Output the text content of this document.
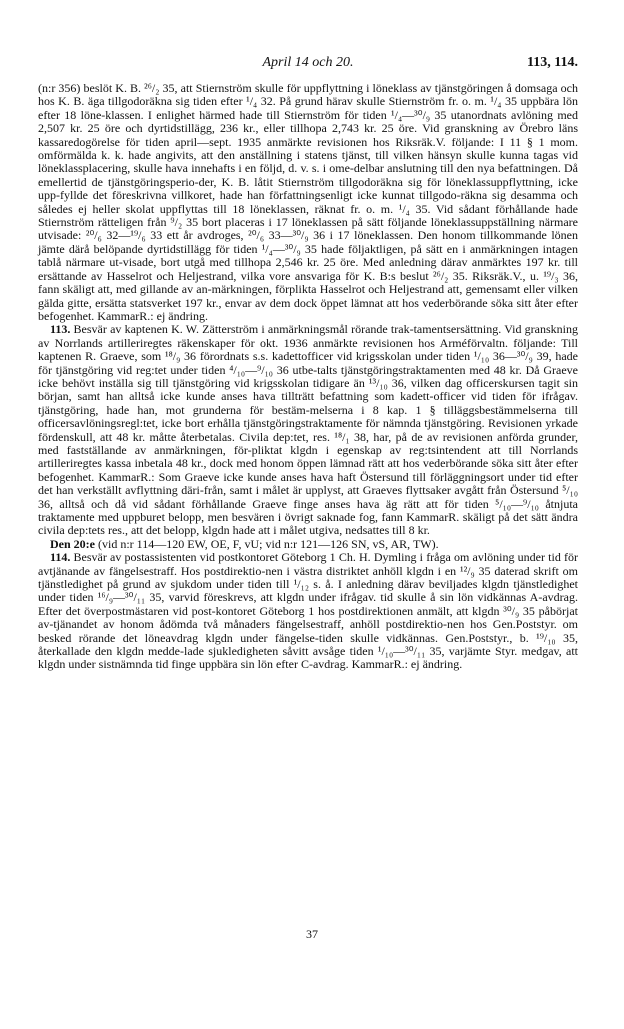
April 14 och 20.	113, 114.

(n:r 356) beslöt K. B. ²⁶/₂ 35, att Stiernström skulle för uppflyttning i löneklass av tjänstgöringen å domsaga och hos K. B. äga tillgodoräkna sig tiden efter ¹/₄ 32. På grund härav skulle Stiernström fr. o. m. ¹/₄ 35 uppbära lön efter 18 löne-klassen. I enlighet härmed hade till Stiernström för tiden ¹/₄—³⁰/₉ 35 utanordnats avlöning med 2,507 kr. 25 öre och dyrtidstillägg, 236 kr., eller tillhopa 2,743 kr. 25 öre. Vid granskning av Örebro läns kassaredogörelse för tiden april—sept. 1935 anmärkte revisionen hos Riksräk.V. följande: I 11 § 1 mom. omförmälda k. k. hade angivits, att den anställning i statens tjänst, till vilken hänsyn skulle kunna tagas vid löneklassplacering, skulle hava innehafts i en följd, d. v. s. i ome-delbar anslutning till den nya befattningen. Då emellertid de tjänstgöringsperio-der, K. B. låtit Stiernström tillgodoräkna sig för löneklassuppflyttning, icke upp-fyllde det föreskrivna villkoret, hade han författningsenligt icke kunnat tillgodo-räkna sig desamma och således ej heller skolat uppflyttas till 18 löneklassen, räknat fr. o. m. ¹/₄ 35. Vid sådant förhållande hade Stiernström rätteligen från ⁹/₂ 35 bort placeras i 17 löneklassen på sätt följande löneklassuppställning närmare utvisade: ²⁰/₆ 32—¹⁹/₆ 33 ett år avdroges, ²⁰/₆ 33—³⁰/₉ 36 i 17 löneklassen. Den honom tillkommande lönen jämte därå belöpande dyrtidstillägg för tiden ¹/₄—³⁰/₉ 35 hade följaktligen, på sätt en i anmärkningen intagen tablå närmare ut-visade, bort utgå med tillhopa 2,546 kr. 25 öre. Med anledning därav anmärktes 197 kr. till ersättande av Hasselrot och Heljestrand, vilka vore ansvariga för K. B:s beslut ²⁶/₂ 35. Riksräk.V., u. ¹⁹/₃ 36, fann skäligt att, med gillande av an-märkningen, förplikta Hasselrot och Heljestrand att, gemensamt eller vilken gälda gitte, ersätta statsverket 197 kr., envar av dem dock öppet lämnat att hos vederbörande söka sitt åter efter befogenhet. KammarR.: ej ändring.

113. Besvär av kaptenen K. W. Zätterström i anmärkningsmål rörande trak-tamentsersättning. Vid granskning av Norrlands artilleriregtes räkenskaper för okt. 1936 anmärkte revisionen hos Arméförvaltn. följande: Till kaptenen R. Graeve, som ¹⁸/₉ 36 förordnats s.s. kadettofficer vid krigsskolan under tiden ¹/₁₀ 36—³⁰/₉ 39, hade för tjänstgöring vid reg:tet under tiden ⁴/₁₀—⁹/₁₀ 36 utbe-talts tjänstgöringstraktamenten med 48 kr. Då Graeve icke behövt inställa sig till tjänstgöring vid krigsskolan tidigare än ¹³/₁₀ 36, vilken dag officerskursen tagit sin början, samt han alltså icke kunde anses hava tillträtt befattning som kadett-officer vid tiden för ifrågav. tjänstgöring, hade han, mot grunderna för bestäm-melserna i 8 kap. 1 § tilläggsbestämmelserna till officersavlöningsregl:tet, icke bort erhålla tjänstgöringstraktamente för nämnda tjänstgöring. Revisionen yrkade fördenskull, att 48 kr. måtte återbetalas. Civila dep:tet, res. ¹⁸/₁ 38, har, på de av revisionen anförda grunder, med fastställande av anmärkningen, för-pliktat klgdn i egenskap av reg:tsintendent att till Norrlands artilleriregtes kassa inbetala 48 kr., dock med honom öppen lämnad rätt att hos vederbörande söka sitt åter efter befogenhet. KammarR.: Som Graeve icke kunde anses hava haft Östersund till förläggningsort under tid efter det han verkställt avflyttning däri-från, samt i målet är upplyst, att Graeves flyttsaker avgått från Östersund ⁵/₁₀ 36, alltså och då vid sådant förhållande Graeve finge anses hava äg rätt att för tiden ⁵/₁₀—⁹/₁₀ åtnjuta traktamente med uppburet belopp, men besvären i övrigt saknade fog, fann KammarR. skäligt på det sätt ändra civila dep:tets res., att det belopp, klgdn hade att i målet utgiva, nedsattes till 8 kr.

Den 20:e (vid n:r 114—120 EW, OE, F, vU; vid n:r 121—126 SN, vS, AR, TW).

114. Besvär av postassistenten vid postkontoret Göteborg 1 Ch. H. Dymling i fråga om avlöning under tid för avtjänande av fängelsestraff. Hos postdirektio-nen i västra distriktet anhöll klgdn i en ¹²/₉ 35 daterad skrift om tjänstledighet på grund av sjukdom under tiden till ¹/₁₂ s. å. I anledning därav beviljades klgdn tjänstledighet under tiden ¹⁶/₉—³⁰/₁₁ 35, varvid föreskrevs, att klgdn under ifrågav. tid skulle å sin lön vidkännas A-avdrag. Efter det överpostmästaren vid post-kontoret Göteborg 1 hos postdirektionen anmält, att klgdn ³⁰/₉ 35 påbörjat av-tjänandet av honom ådömda två månaders fängelsestraff, anhöll postdirektio-nen hos Gen.Poststyr. om besked rörande det löneavdrag klgdn under fängelse-tiden skulle vidkännas. Gen.Poststyr., b. ¹⁹/₁₀ 35, återkallade den klgdn medde-lade sjukledigheten såvitt avsåge tiden ¹/₁₀—³⁰/₁₁ 35, varjämte Styr. medgav, att klgdn under sistnämnda tid finge uppbära sin lön efter C-avdrag. KammarR.: ej ändring.

37
